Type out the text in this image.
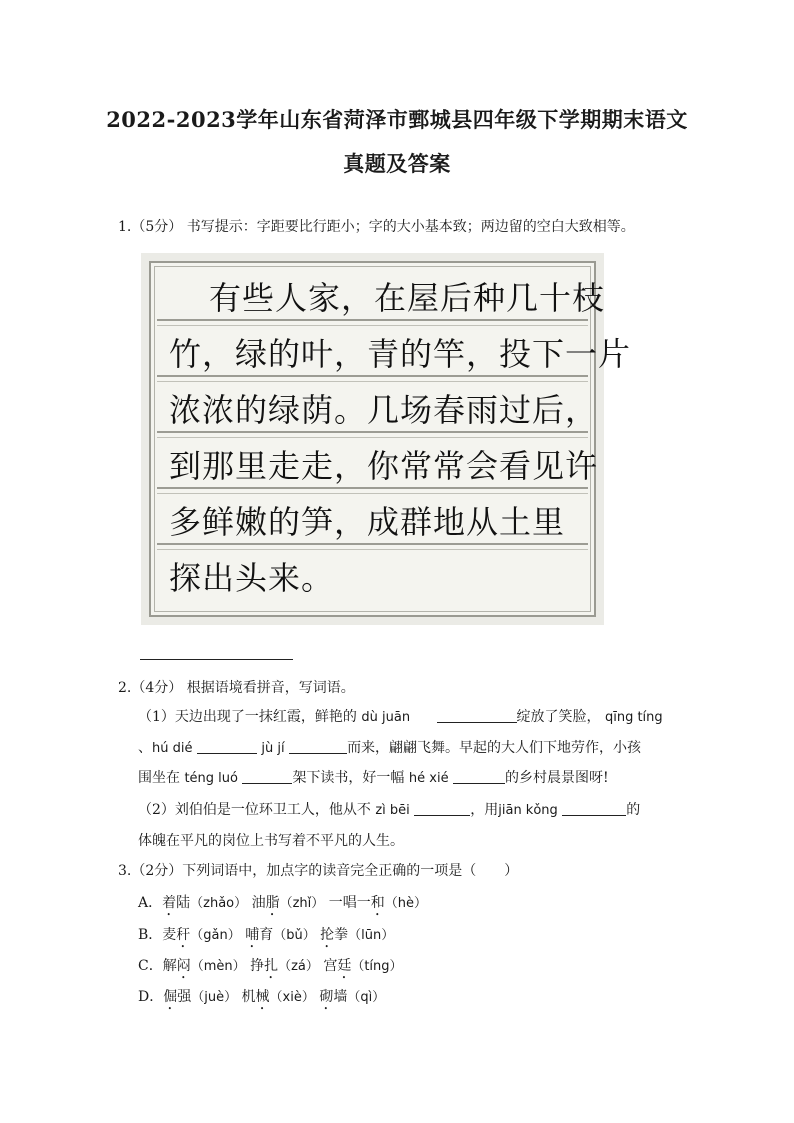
2022-2023学年山东省菏泽市鄄城县四年级下学期期末语文
真题及答案
1.（5分） 书写提示：字距要比行距小；字的大小基本致；两边留的空白大致相等。
有些人家，在屋后种几十枝
竹，绿的叶，青的竿，投下一片
浓浓的绿荫。几场春雨过后，
到那里走走，你常常会看见许
多鲜嫩的笋，成群地从土里
探出头来。
2.（4分） 根据语境看拼音，写词语。
（1）天边出现了一抹红霞，鲜艳的 dù juān	绽放了笑脸， qīng tíng
、hú dié	jù jí	而来，翩翩飞舞。早起的大人们下地劳作，小孩
围坐在 téng luó	架下读书，好一幅 hé xié	的乡村晨景图呀!
（2）刘伯伯是一位环卫工人，他从不 zì bēi	，用jiān kǒng	的
体魄在平凡的岗位上书写着不平凡的人生。
3.（2分）下列词语中，加点字的读音完全正确的一项是（　　）
A．着陆（zhǎo） 油脂（zhǐ） 一唱一和（hè）
B．麦秆（gǎn） 哺育（bǔ） 抡拳（lūn）
C．解闷（mèn） 挣扎（zá） 宫廷（tíng）
D．倔强（juè） 机械（xiè） 砌墙（qì）
